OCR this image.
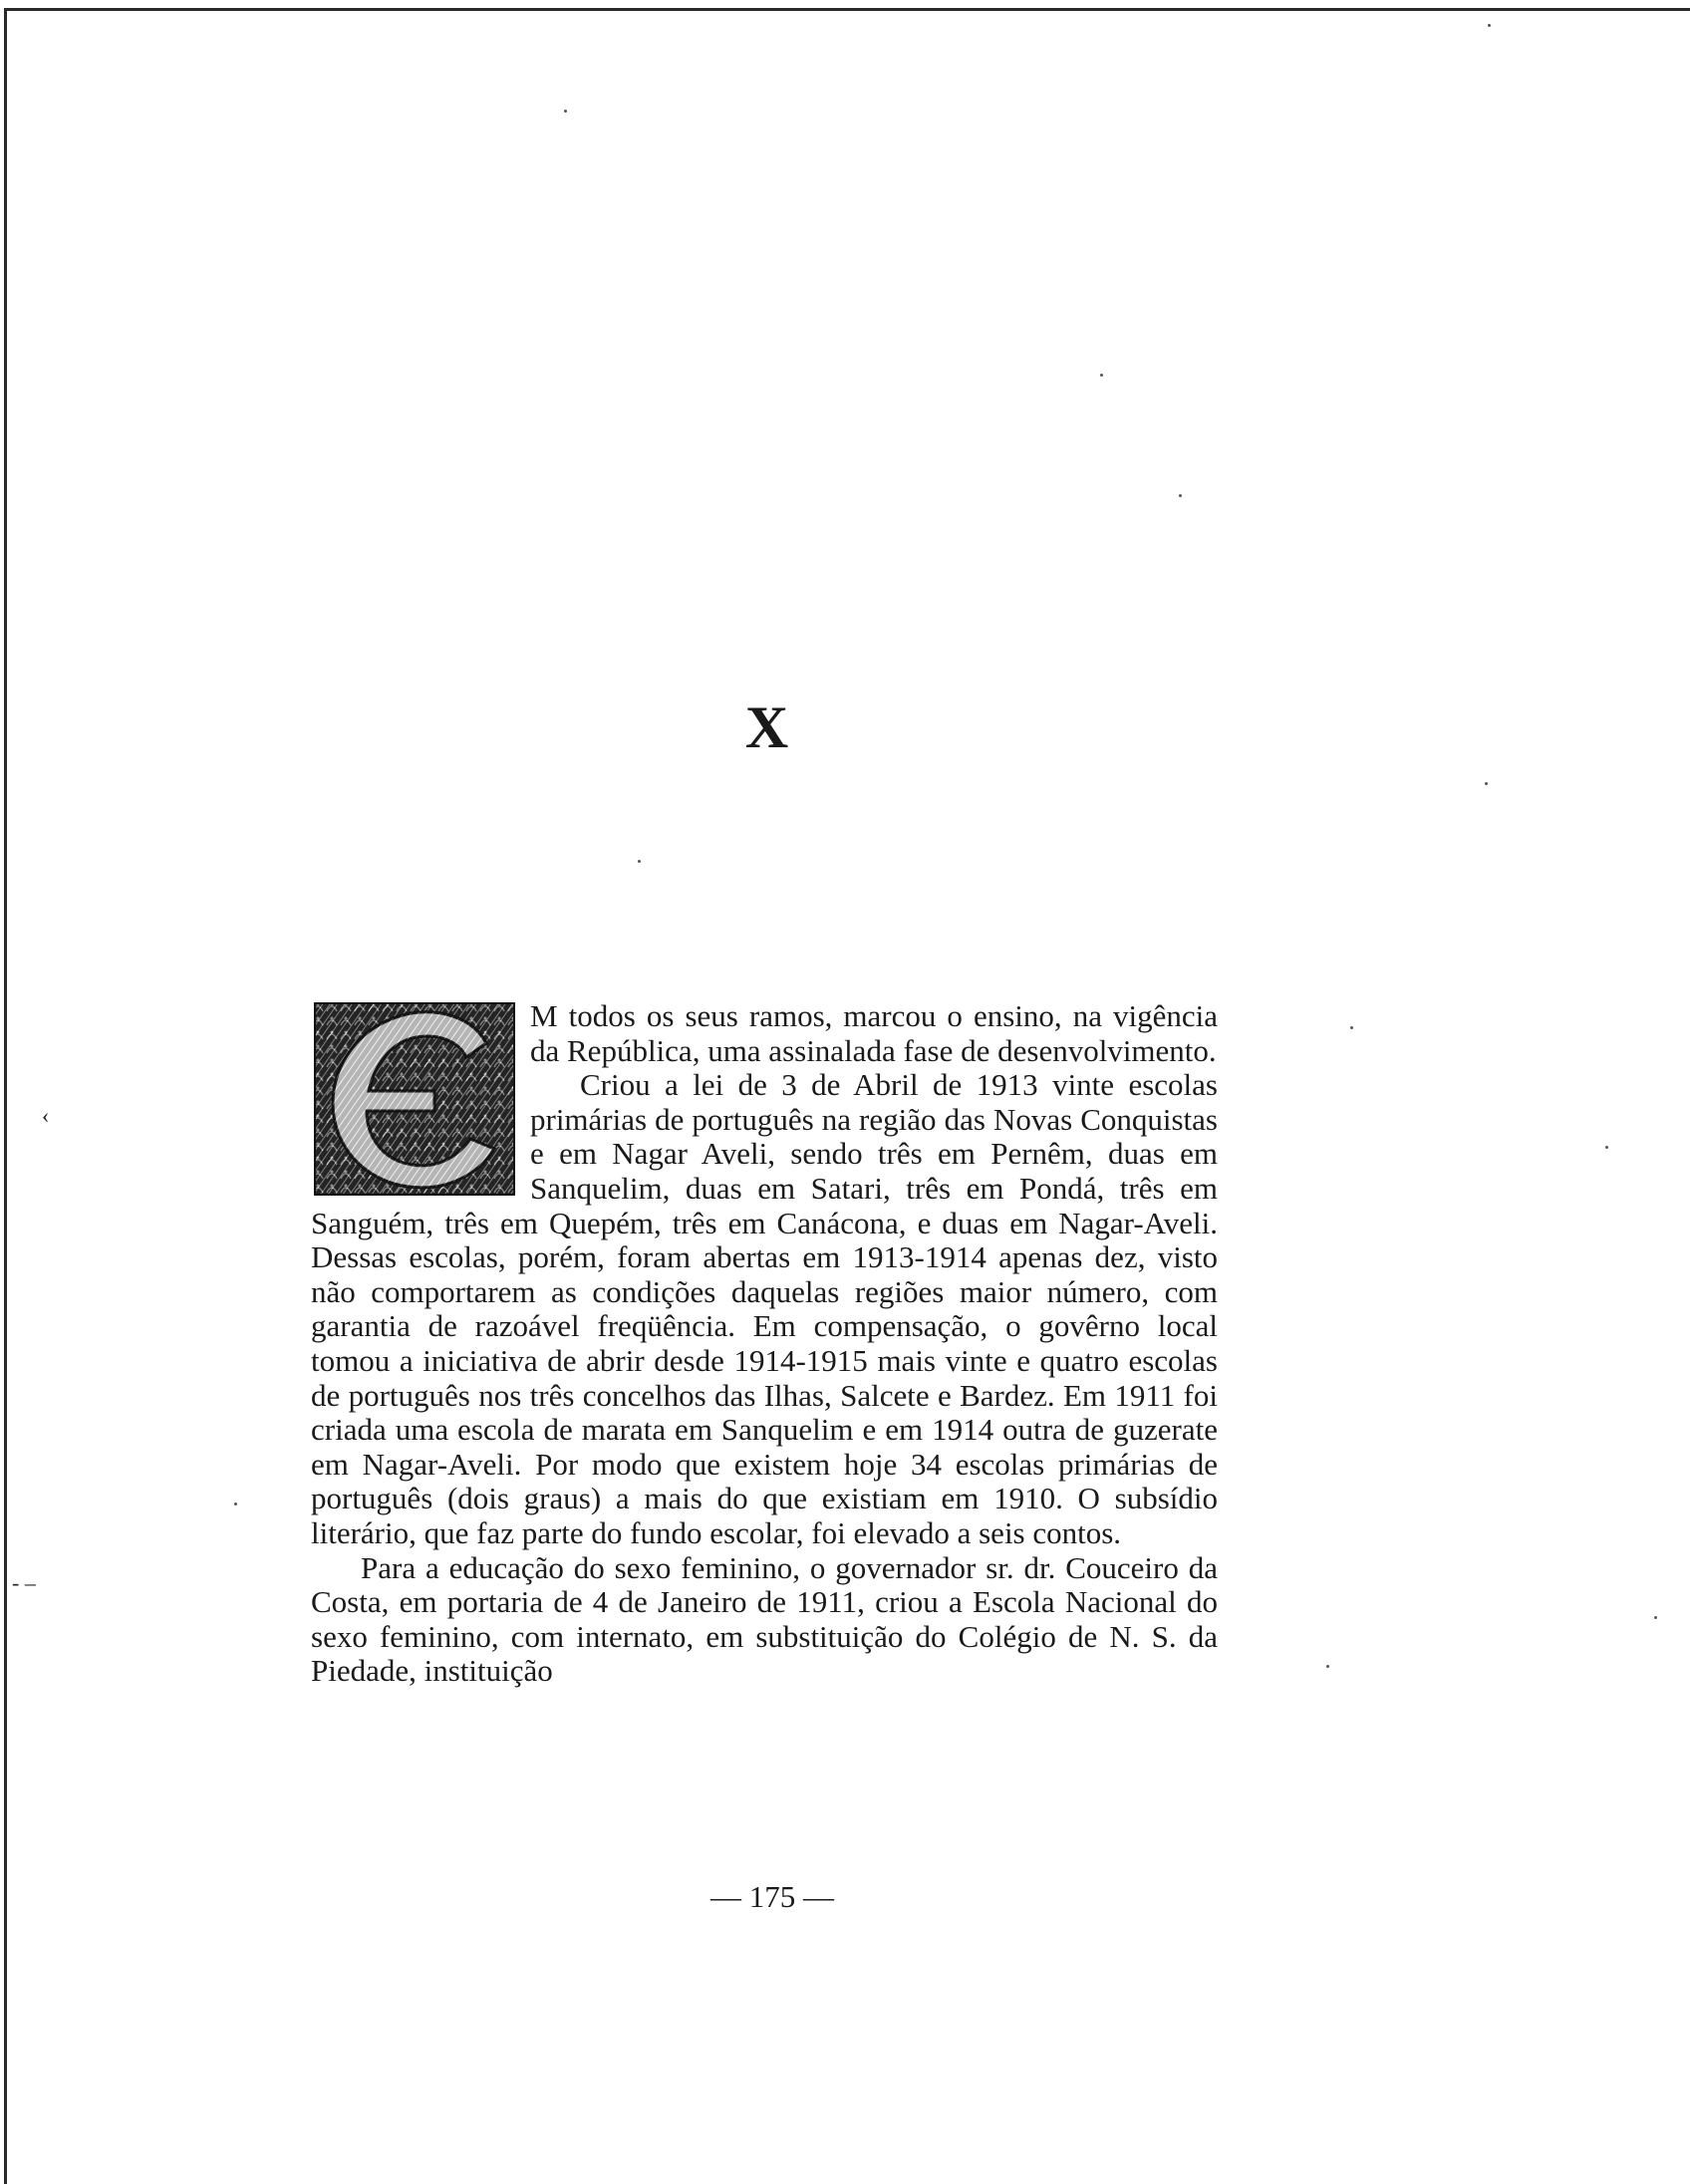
‹
- –
X

M todos os seus ramos, marcou o ensino, na vigência da República, uma assinalada fase de desenvolvimento.

Criou a lei de 3 de Abril de 1913 vinte escolas primárias de português na região das Novas Conquistas e em Nagar Aveli, sendo três em Pernêm, duas em Sanquelim, duas em Satari, três em Pondá, três em Sanguém, três em Quepém, três em Canácona, e duas em Nagar-Aveli. Dessas escolas, porém, foram abertas em 1913-1914 apenas dez, visto não comportarem as condições daquelas regiões maior número, com garantia de razoável freqüência. Em compensação, o govêrno local tomou a iniciativa de abrir desde 1914-1915 mais vinte e quatro escolas de português nos três concelhos das Ilhas, Salcete e Bardez. Em 1911 foi criada uma escola de marata em Sanquelim e em 1914 outra de guzerate em Nagar-Aveli. Por modo que existem hoje 34 escolas primárias de português (dois graus) a mais do que existiam em 1910. O subsídio literário, que faz parte do fundo escolar, foi elevado a seis contos.

Para a educação do sexo feminino, o governador sr. dr. Couceiro da Costa, em portaria de 4 de Janeiro de 1911, criou a Escola Nacional do sexo feminino, com internato, em substituição do Colégio de N. S. da Piedade, instituição

— 175 —
